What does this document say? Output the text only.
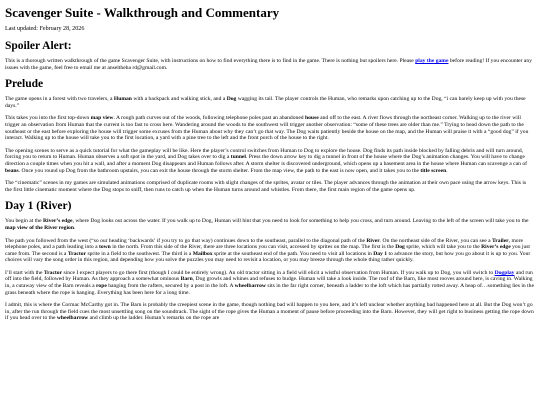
Scavenger Suite - Walkthrough and Commentary
Last updated: February 28, 2026
Spoiler Alert:

This is a thorough written walkthrough of the game Scavenger Suite, with instructions on how to find everything there is to find in the game. There is nothing but spoilers here. Please play the game before reading! If you encounter any issues with the game, feel free to email me at anseltheba rd@gmail.com.

Prelude

The game opens in a forest with two travelers, a Human with a backpack and walking stick, and a Dog wagging its tail. The player controls the Human, who remarks upon catching up to the Dog, “i can barely keep up with you these days.”

This takes you into the first top-down map view. A rough path curves out of the woods, following telephone poles past an abandoned house and off to the east. A river flows through the northeast corner. Walking up to the river will trigger an observation from Human that the current is too fast to cross here. Wandering around the woods to the southwest will trigger another observation: “some of these trees are older than me.” Trying to head down the path to the southeast or the east before exploring the house will trigger some excuses from the Human about why they can’t go that way. The Dog waits patiently beside the house on the map, and the Human will praise it with a “good dog” if you interact. Walking up to the house will take you to the first location, a yard with a pine tree to the left and the front porch of the house to the right.

The opening scenes to serve as a quick tutorial for what the gameplay will be like. Here the player’s control switches from Human to Dog to explore the house. Dog finds its path inside blocked by falling debris and will turn around, forcing you to return to Human. Human observes a soft spot in the yard, and Dog takes over to dig a tunnel. Press the down arrow key to dig a tunnel in front of the house where the Dog’s animation changes. You will have to change direction a couple times when you hit a wall, and after a moment Dog disappears and Human follows after. A storm shelter is discovered underground, which opens up a basement area in the house where Human can scavenge a can of beans. Once you round up Dog from the bathroom upstairs, you can exit the house through the storm shelter. From the map view, the path to the east is now open, and it takes you to the title screen.

The “cinematic” scenes in my games are simulated animations comprised of duplicate rooms with slight changes of the sprites, avatar or tiles. The player advances through the animation at their own pace using the arrow keys. This is the first little cinematic moment where the Dog stops to sniff, then runs to catch up when the Human turns around and whistles. From there, the first main region of the game opens up.

Day 1 (River)

You begin at the River’s edge, where Dog looks out across the water. If you walk up to Dog, Human will hint that you need to look for something to help you cross, and turn around. Leaving to the left of the screen will take you to the map view of the River region.

The path you followed from the west (“so our heading ‘backwards’ if you try to go that way) continues down to the southeast, parallel to the diagonal path of the River. On the northeast side of the River, you can see a Trailer, more telephone poles, and a path leading into a town in the north. From this side of the River, there are three locations you can visit, accessed by sprites on the map. The first is the Dog sprite, which will take you to the River’s edge you just came from. The second is a Tractor sprite in a field to the southwest. The third is a Mailbox sprite at the southeast end of the path. You need to visit all locations in Day 1 to advance the story, but how you go about it is up to you. Your choices will vary the song order in this region, and depending how you solve the puzzles you may need to revisit a location, or you may breeze through the whole thing rather quickly.

I’ll start with the Tractor since I expect players to go there first (though I could be entirely wrong). An old tractor sitting in a field will elicit a wistful observation from Human. If you walk up to Dog, you will switch to Dogplay and run off into the field, followed by Human. As they approach a somewhat ominous Barn, Dog growls and whines and refuses to budge. Human will take a look inside. The roof of the Barn, like most rooves around here, is caving in. Walking in, a cutaway view of the Barn reveals a rope hanging from the rafters, secured by a post in the loft. A wheelbarrow sits in the far right corner, beneath a ladder to the loft which has partially rotted away. A heap of…something lies in the grass beneath where the rope is hanging. Everything has been here for a long time.

I admit, this is where the Cormac McCarthy got in. The Barn is probably the creepiest scene in the game, though nothing bad will happen to you here, and it’s left unclear whether anything bad happened here at all. But the Dog won’t go in, after the run through the field cues the most unsettling song on the soundtrack. The sight of the rope gives the Human a moment of pause before proceeding into the Barn. However, they will get right to business getting the rope down if you head over to the wheelbarrow and climb up the ladder. Human’s remarks on the rope are
